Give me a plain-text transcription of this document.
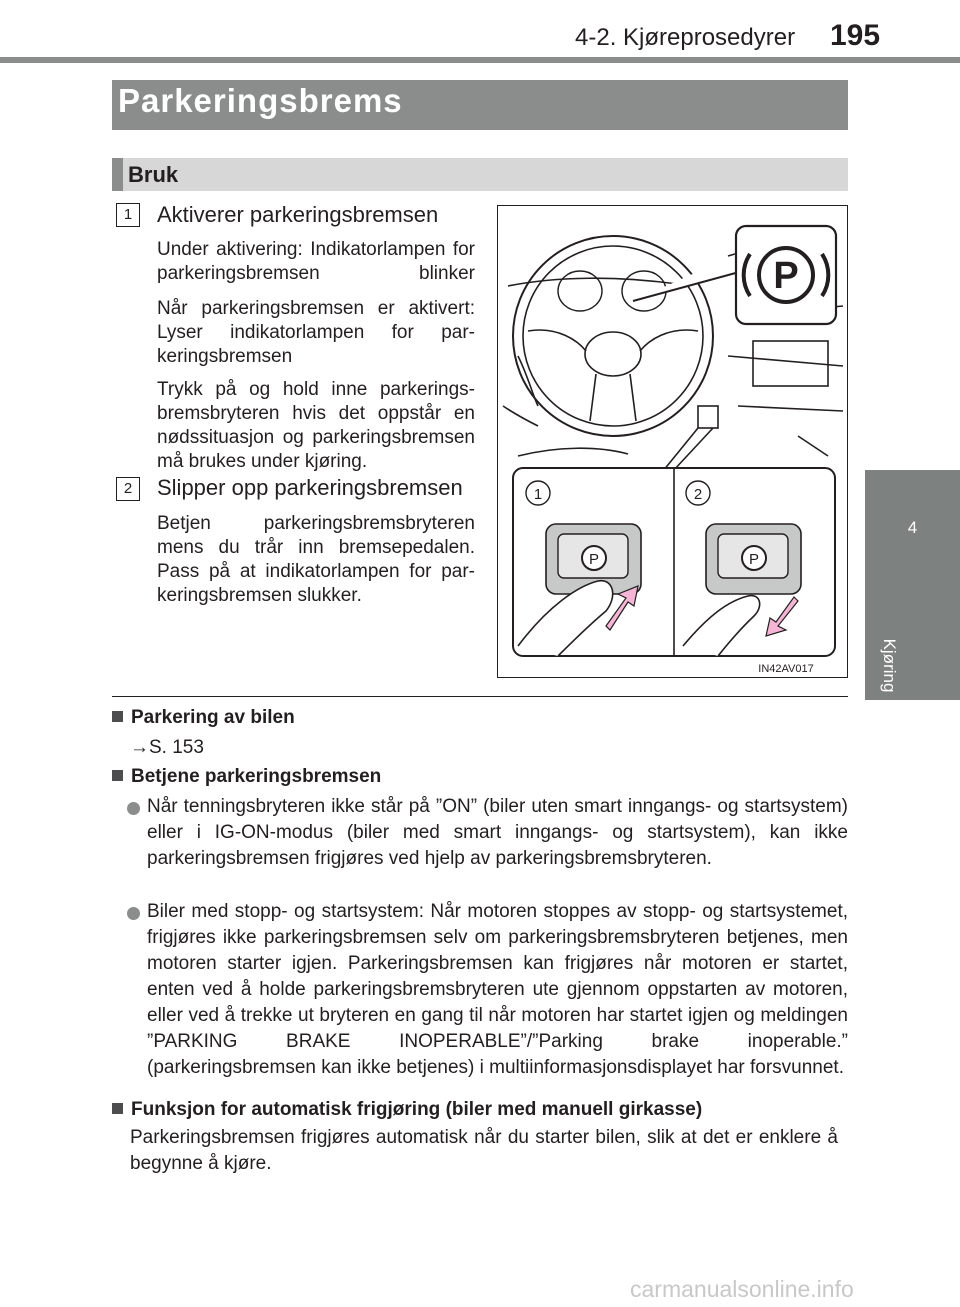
4-2. Kjøreprosedyrer 195
4
Kjøring
Parkeringsbrems
Bruk
1	Aktiverer parkeringsbremsen
Under aktivering: Indikatorlampen for parkeringsbremsen blinker
Når parkeringsbremsen er aktivert: Lyser indikatorlampen for parkeringsbremsen
Trykk på og hold inne parkeringsbremsbryteren hvis det oppstår en nødssituasjon og parkeringsbremsen må brukes under kjøring.
2	Slipper opp parkeringsbremsen
Betjen parkeringsbremsbryteren mens du trår inn bremsepedalen. Pass på at indikatorlampen for parkeringsbremsen slukker.
P
P	P
1	2
IN42AV017
Parkering av bilen
→S. 153
Betjene parkeringsbremsen
Når tenningsbryteren ikke står på ”ON” (biler uten smart inngangs- og startsystem) eller i IG-ON-modus (biler med smart inngangs- og startsystem), kan ikke parkeringsbremsen frigjøres ved hjelp av parkeringsbremsbryteren.
Biler med stopp- og startsystem: Når motoren stoppes av stopp- og startsystemet, frigjøres ikke parkeringsbremsen selv om parkeringsbremsbryteren betjenes, men motoren starter igjen. Parkeringsbremsen kan frigjøres når motoren er startet, enten ved å holde parkeringsbremsbryteren ute gjennom oppstarten av motoren, eller ved å trekke ut bryteren en gang til når motoren har startet igjen og meldingen ”PARKING BRAKE INOPERABLE”/”Parking brake inoperable.” (parkeringsbremsen kan ikke betjenes) i multiinformasjonsdisplayet har forsvunnet.
Funksjon for automatisk frigjøring (biler med manuell girkasse)
Parkeringsbremsen frigjøres automatisk når du starter bilen, slik at det er enklere å begynne å kjøre.
carmanualsonline.info
